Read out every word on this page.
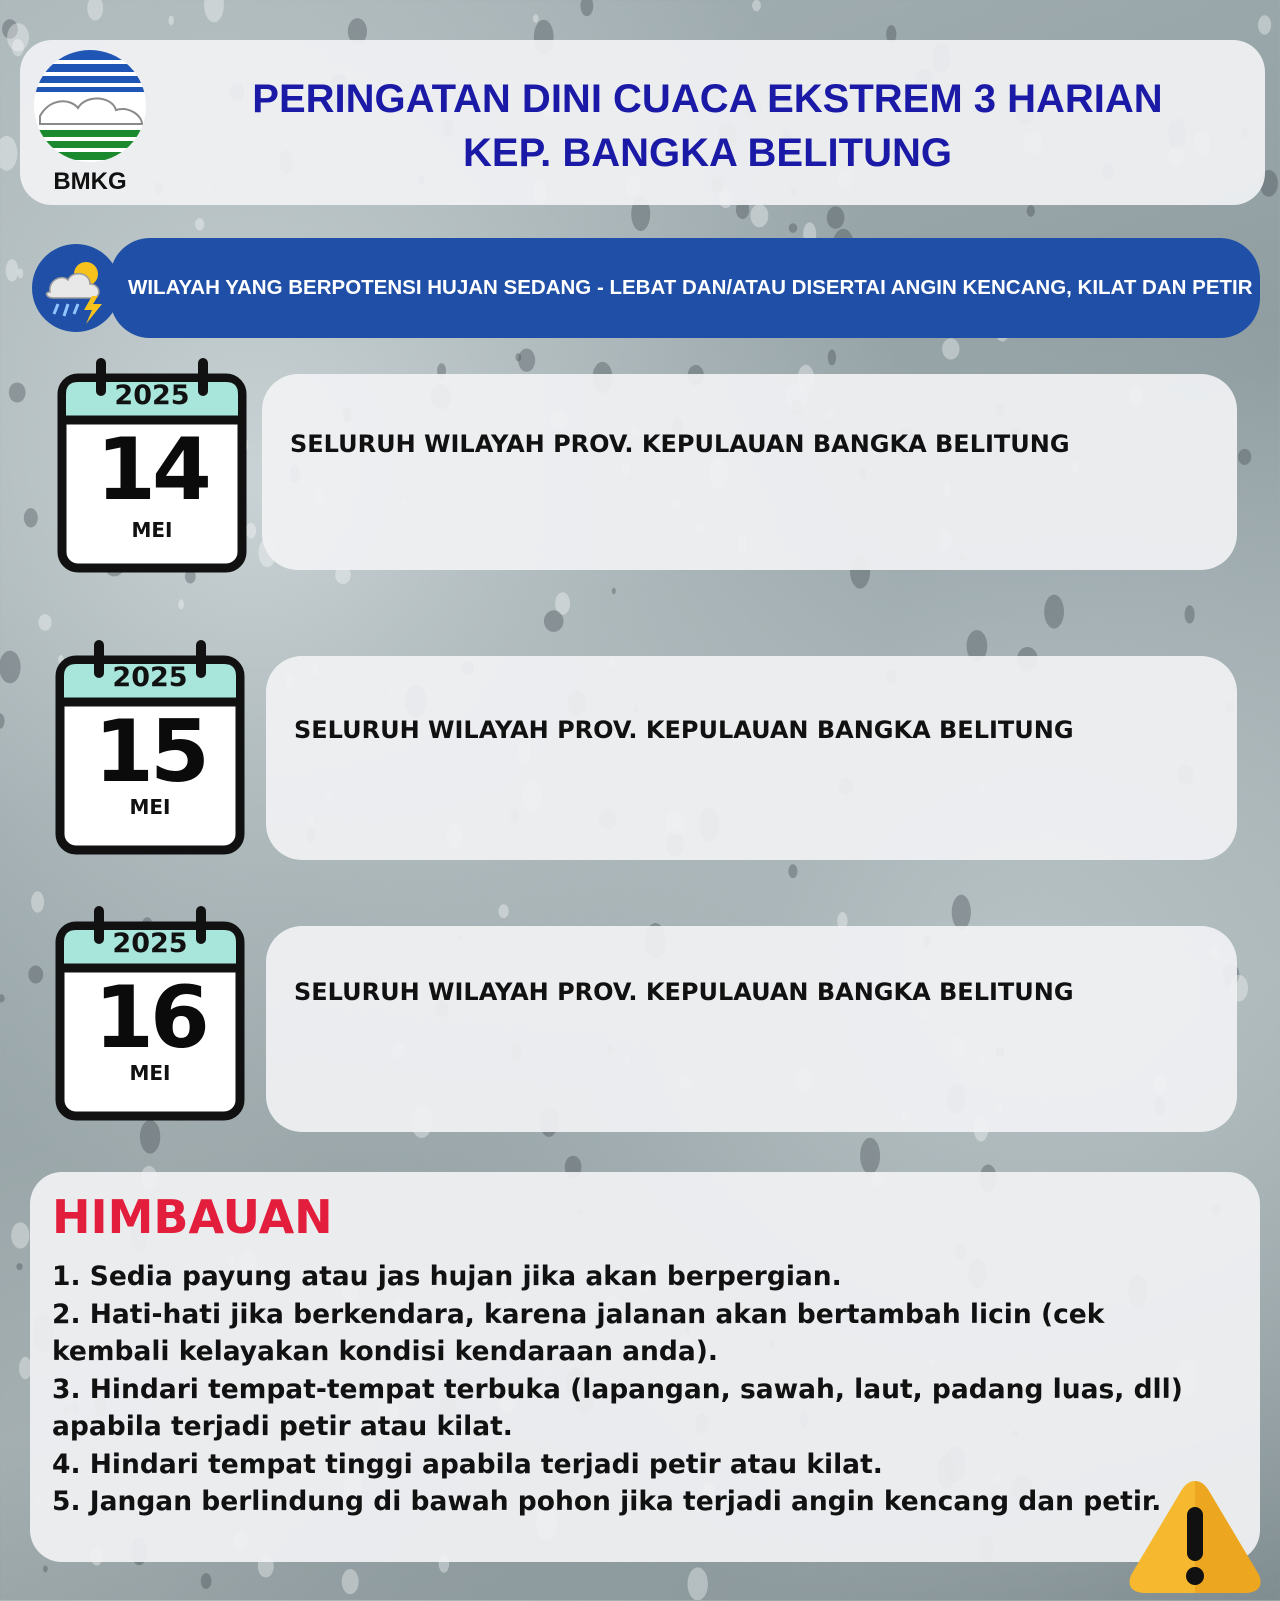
BMKG
PERINGATAN DINI CUACA EKSTREM 3 HARIAN
KEP. BANGKA BELITUNG
WILAYAH YANG BERPOTENSI HUJAN SEDANG - LEBAT DAN/ATAU DISERTAI ANGIN KENCANG, KILAT DAN PETIR
2025
14
MEI
SELURUH WILAYAH PROV. KEPULAUAN BANGKA BELITUNG
2025
15
MEI
SELURUH WILAYAH PROV. KEPULAUAN BANGKA BELITUNG
2025
16
MEI
SELURUH WILAYAH PROV. KEPULAUAN BANGKA BELITUNG
HIMBAUAN
1. Sedia payung atau jas hujan jika akan berpergian.
2. Hati-hati jika berkendara, karena jalanan akan bertambah licin (cek kembali kelayakan kondisi kendaraan anda).
3. Hindari tempat-tempat terbuka (lapangan, sawah, laut, padang luas, dll) apabila terjadi petir atau kilat.
4. Hindari tempat tinggi apabila terjadi petir atau kilat.
5. Jangan berlindung di bawah pohon jika terjadi angin kencang dan petir.
